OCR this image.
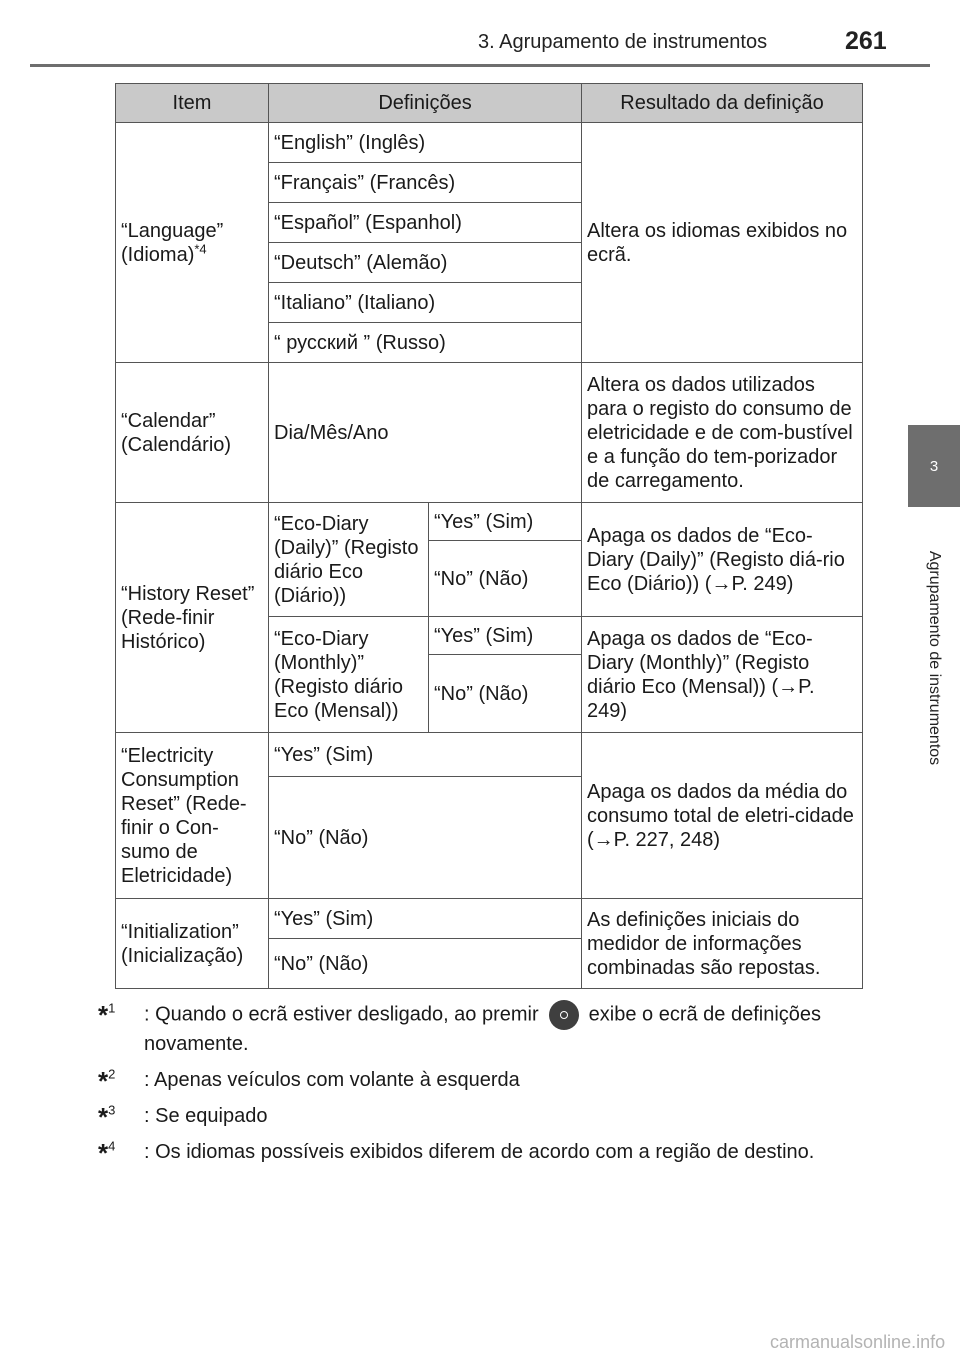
3. Agrupamento de instrumentos	261
3
Agrupamento de instrumentos
Item	Definições		Resultado da definição
“Language” (Idioma)$^{*4}$	“English” (Inglês)		Altera os idiomas exibidos no ecrã.
	“Français” (Francês)		
	“Español” (Espanhol)		
	“Deutsch” (Alemão)		
	“Italiano” (Italiano)		
	“ русский ” (Russo)		
“Calendar” (Calendário)	Dia/Mês/Ano		Altera os dados utilizados para o registo do consumo de eletricidade e de com-bustível e a função do tem-porizador de carregamento.
“History Reset” (Rede-finir Histórico)	“Eco-Diary (Daily)” (Registo diário Eco (Diário))	“Yes” (Sim)	Apaga os dados de “Eco-Diary (Daily)” (Registo diá-rio Eco (Diário)) (→P. 249)
		“No” (Não)	
	“Eco-Diary (Monthly)” (Registo diário Eco (Mensal))	“Yes” (Sim)	Apaga os dados de “Eco-Diary (Monthly)” (Registo diário Eco (Mensal)) (→P. 249)
		“No” (Não)	
“Electricity Consumption Reset” (Rede-finir o Con-sumo de Eletricidade)	“Yes” (Sim)		Apaga os dados da média do consumo total de eletri-cidade (→P. 227, 248)
	“No” (Não)		
“Initialization” (Inicialização)	“Yes” (Sim)		As definições iniciais do medidor de informações combinadas são repostas.
	“No” (Não)		
*$^1$ : Quando o ecrã estiver desligado, ao premir	exibe o ecrã de definições novamente.
*$^2$ : Apenas veículos com volante à esquerda
*$^3$ : Se equipado
*$^4$ : Os idiomas possíveis exibidos diferem de acordo com a região de destino.
carmanualsonline.info
